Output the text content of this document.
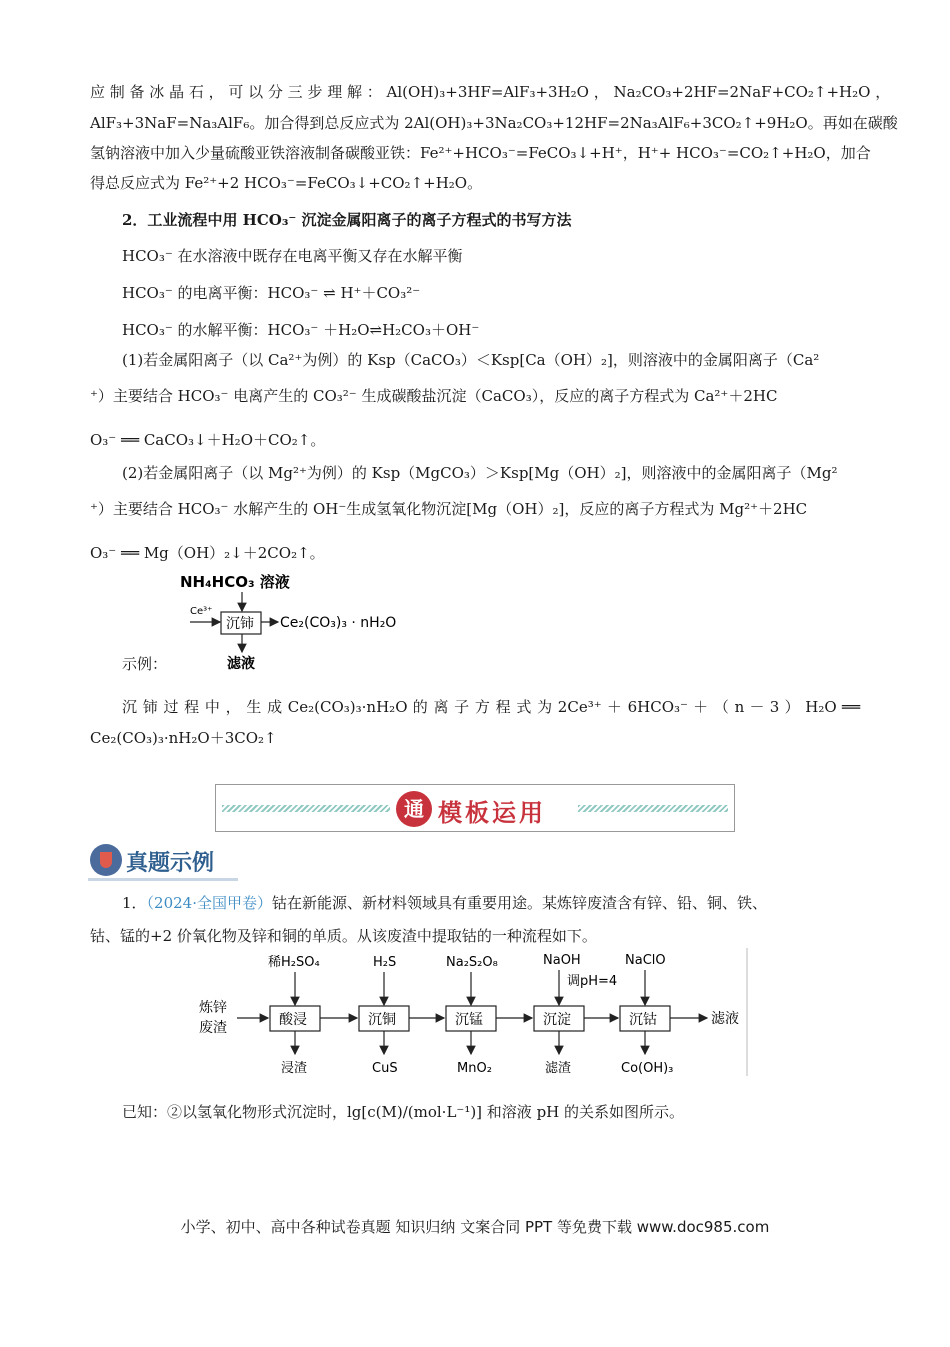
应 制 备 冰 晶 石 ， 可 以 分 三 步 理 解 ： Al(OH)₃+3HF=AlF₃+3H₂O ， Na₂CO₃+2HF=2NaF+CO₂↑+H₂O ，
AlF₃+3NaF=Na₃AlF₆。加合得到总反应式为 2Al(OH)₃+3Na₂CO₃+12HF=2Na₃AlF₆+3CO₂↑+9H₂O。再如在碳酸
氢钠溶液中加入少量硫酸亚铁溶液制备碳酸亚铁：Fe²⁺+HCO₃⁻=FeCO₃↓+H⁺，H⁺+ HCO₃⁻=CO₂↑+H₂O，加合
得总反应式为 Fe²⁺+2 HCO₃⁻=FeCO₃↓+CO₂↑+H₂O。
2．工业流程中用 HCO₃⁻ 沉淀金属阳离子的离子方程式的书写方法
HCO₃⁻ 在水溶液中既存在电离平衡又存在水解平衡
HCO₃⁻ 的电离平衡：HCO₃⁻ ⇌ H⁺＋CO₃²⁻
HCO₃⁻ 的水解平衡：HCO₃⁻ ＋H₂O⇌H₂CO₃＋OH⁻
(1)若金属阳离子（以 Ca²⁺为例）的 Ksp（CaCO₃）＜Ksp[Ca（OH）₂]，则溶液中的金属阳离子（Ca²
⁺）主要结合 HCO₃⁻ 电离产生的 CO₃²⁻ 生成碳酸盐沉淀（CaCO₃），反应的离子方程式为 Ca²⁺＋2HC
O₃⁻ ══ CaCO₃↓＋H₂O＋CO₂↑。
(2)若金属阳离子（以 Mg²⁺为例）的 Ksp（MgCO₃）＞Ksp[Mg（OH）₂]，则溶液中的金属阳离子（Mg²
⁺）主要结合 HCO₃⁻ 水解产生的 OH⁻生成氢氧化物沉淀[Mg（OH）₂]，反应的离子方程式为 Mg²⁺＋2HC
O₃⁻ ══ Mg（OH）₂↓＋2CO₂↑。
NH₄HCO₃ 溶液
Ce³⁺
沉铈 Ce₂(CO₃)₃ · nH₂O
滤液
示例：
沉 铈 过 程 中 ， 生 成 Ce₂(CO₃)₃·nH₂O 的 离 子 方 程 式 为 2Ce³⁺ ＋ 6HCO₃⁻ ＋ （ n － 3 ） H₂O ══
Ce₂(CO₃)₃·nH₂O＋3CO₂↑
通 模板运用
真题示例
1．（2024·全国甲卷）钴在新能源、新材料领域具有重要用途。某炼锌废渣含有锌、铅、铜、铁、
钴、锰的+2 价氧化物及锌和铜的单质。从该废渣中提取钴的一种流程如下。
炼锌
废渣
稀H₂SO₄
酸浸
浸渣
H₂S
沉铜
CuS
Na₂S₂O₈
沉锰
MnO₂
NaOH
调pH=4
沉淀
滤渣
NaClO
沉钴
Co(OH)₃
滤液
已知：②以氢氧化物形式沉淀时，lg[c(M)/(mol·L⁻¹)] 和溶液 pH 的关系如图所示。
小学、初中、高中各种试卷真题 知识归纳 文案合同 PPT 等免费下载 www.doc985.com
